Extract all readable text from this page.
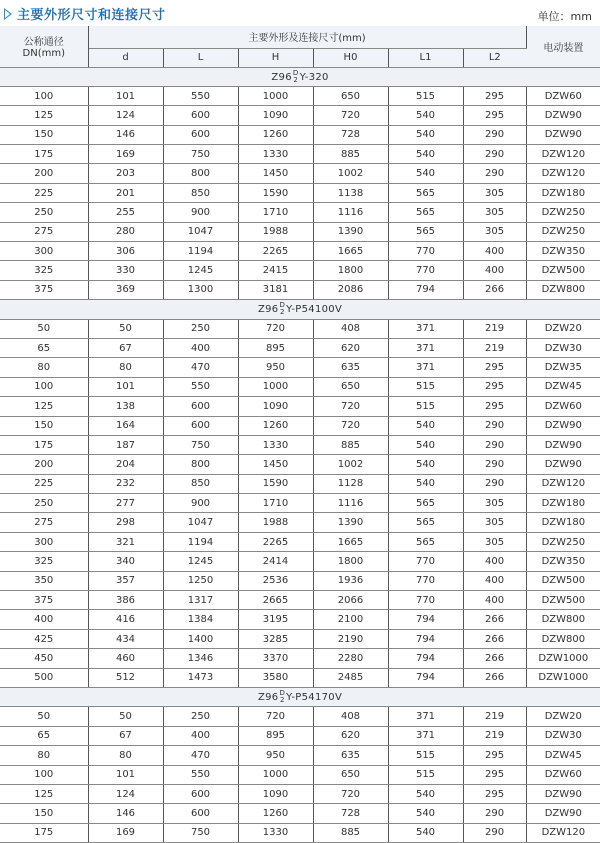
主要外形尺寸和连接尺寸	单位：mm
公称通径
DN(mm)	主要外形及连接尺寸(mm)						电动装置
	d	L	H	H0	L1	L2	
Z96 D
2 Y-320							
100	101	550	1000	650	515	295	DZW60
125	124	600	1090	720	540	295	DZW90
150	146	600	1260	728	540	290	DZW90
175	169	750	1330	885	540	290	DZW120
200	203	800	1450	1002	540	290	DZW120
225	201	850	1590	1138	565	305	DZW180
250	255	900	1710	1116	565	305	DZW250
275	280	1047	1988	1390	565	305	DZW250
300	306	1194	2265	1665	770	400	DZW350
325	330	1245	2415	1800	770	400	DZW500
375	369	1300	3181	2086	794	266	DZW800
Z96 D
2 Y-P54100V							
50	50	250	720	408	371	219	DZW20
65	67	400	895	620	371	219	DZW30
80	80	470	950	635	371	295	DZW35
100	101	550	1000	650	515	295	DZW45
125	138	600	1090	720	515	295	DZW60
150	164	600	1260	720	540	290	DZW90
175	187	750	1330	885	540	290	DZW90
200	204	800	1450	1002	540	290	DZW90
225	232	850	1590	1128	540	290	DZW120
250	277	900	1710	1116	565	305	DZW180
275	298	1047	1988	1390	565	305	DZW180
300	321	1194	2265	1665	565	305	DZW250
325	340	1245	2414	1800	770	400	DZW350
350	357	1250	2536	1936	770	400	DZW500
375	386	1317	2665	2066	770	400	DZW500
400	416	1384	3195	2100	794	266	DZW800
425	434	1400	3285	2190	794	266	DZW800
450	460	1346	3370	2280	794	266	DZW1000
500	512	1473	3580	2485	794	266	DZW1000
Z96 D
2 Y-P54170V							
50	50	250	720	408	371	219	DZW20
65	67	400	895	620	371	219	DZW30
80	80	470	950	635	515	295	DZW45
100	101	550	1000	650	515	295	DZW60
125	124	600	1090	720	540	295	DZW90
150	146	600	1260	728	540	290	DZW90
175	169	750	1330	885	540	290	DZW120
